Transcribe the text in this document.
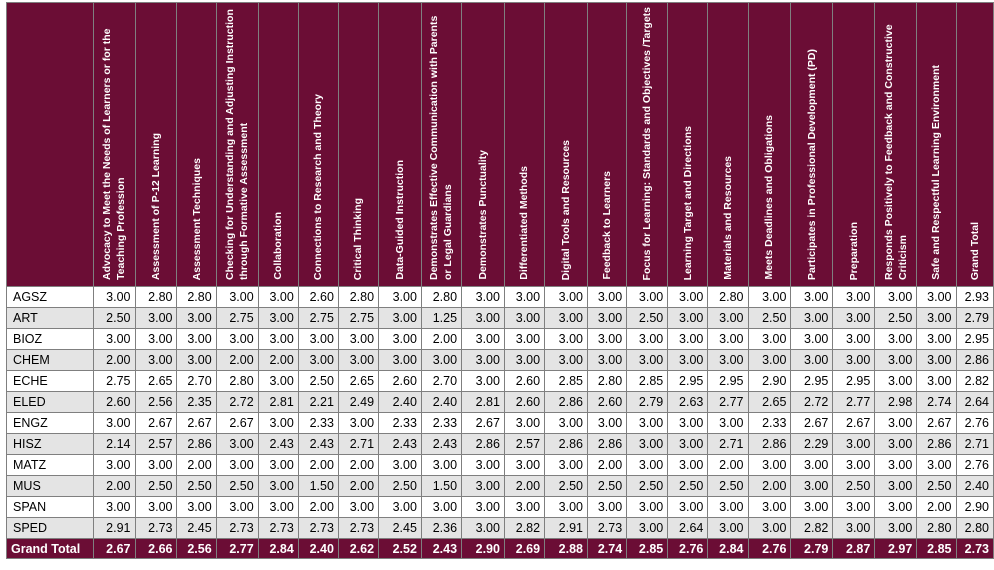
	Advocacy to Meet the Needs of Learners or for the Teaching Profession	Assessment of P-12 Learning	Assessment Techniques	Checking for Understanding and Adjusting Instruction through Formative Assessment	Collaboration	Connections to Research and Theory	Critical Thinking	Data-Guided Instruction	Demonstrates Effective Communication with Parents or Legal Guardians	Demonstrates Punctuality	Differentiated Methods	Digital Tools and Resources	Feedback to Learners	Focus for Learning: Standards and Objectives /Targets	Learning Target and Directions	Materials and Resources	Meets Deadlines and Obligations	Participates in Professional Development (PD)	Preparation	Responds Positively to Feedback and Constructive Criticism	Safe and Respectful Learning Environment	Grand Total

AGSZ	3.00	2.80	2.80	3.00	3.00	2.60	2.80	3.00	2.80	3.00	3.00	3.00	3.00	3.00	3.00	2.80	3.00	3.00	3.00	3.00	3.00	2.93
ART	2.50	3.00	3.00	2.75	3.00	2.75	2.75	3.00	1.25	3.00	3.00	3.00	3.00	2.50	3.00	3.00	2.50	3.00	3.00	2.50	3.00	2.79
BIOZ	3.00	3.00	3.00	3.00	3.00	3.00	3.00	3.00	2.00	3.00	3.00	3.00	3.00	3.00	3.00	3.00	3.00	3.00	3.00	3.00	3.00	2.95
CHEM	2.00	3.00	3.00	2.00	2.00	3.00	3.00	3.00	3.00	3.00	3.00	3.00	3.00	3.00	3.00	3.00	3.00	3.00	3.00	3.00	3.00	2.86
ECHE	2.75	2.65	2.70	2.80	3.00	2.50	2.65	2.60	2.70	3.00	2.60	2.85	2.80	2.85	2.95	2.95	2.90	2.95	2.95	3.00	3.00	2.82
ELED	2.60	2.56	2.35	2.72	2.81	2.21	2.49	2.40	2.40	2.81	2.60	2.86	2.60	2.79	2.63	2.77	2.65	2.72	2.77	2.98	2.74	2.64
ENGZ	3.00	2.67	2.67	2.67	3.00	2.33	3.00	2.33	2.33	2.67	3.00	3.00	3.00	3.00	3.00	3.00	2.33	2.67	2.67	3.00	2.67	2.76
HISZ	2.14	2.57	2.86	3.00	2.43	2.43	2.71	2.43	2.43	2.86	2.57	2.86	2.86	3.00	3.00	2.71	2.86	2.29	3.00	3.00	2.86	2.71
MATZ	3.00	3.00	2.00	3.00	3.00	2.00	2.00	3.00	3.00	3.00	3.00	3.00	2.00	3.00	3.00	2.00	3.00	3.00	3.00	3.00	3.00	2.76
MUS	2.00	2.50	2.50	2.50	3.00	1.50	2.00	2.50	1.50	3.00	2.00	2.50	2.50	2.50	2.50	2.50	2.00	3.00	2.50	3.00	2.50	2.40
SPAN	3.00	3.00	3.00	3.00	3.00	2.00	3.00	3.00	3.00	3.00	3.00	3.00	3.00	3.00	3.00	3.00	3.00	3.00	3.00	3.00	2.00	2.90
SPED	2.91	2.73	2.45	2.73	2.73	2.73	2.73	2.45	2.36	3.00	2.82	2.91	2.73	3.00	2.64	3.00	3.00	2.82	3.00	3.00	2.80	2.80
Grand Total	2.67	2.66	2.56	2.77	2.84	2.40	2.62	2.52	2.43	2.90	2.69	2.88	2.74	2.85	2.76	2.84	2.76	2.79	2.87	2.97	2.85	2.73
